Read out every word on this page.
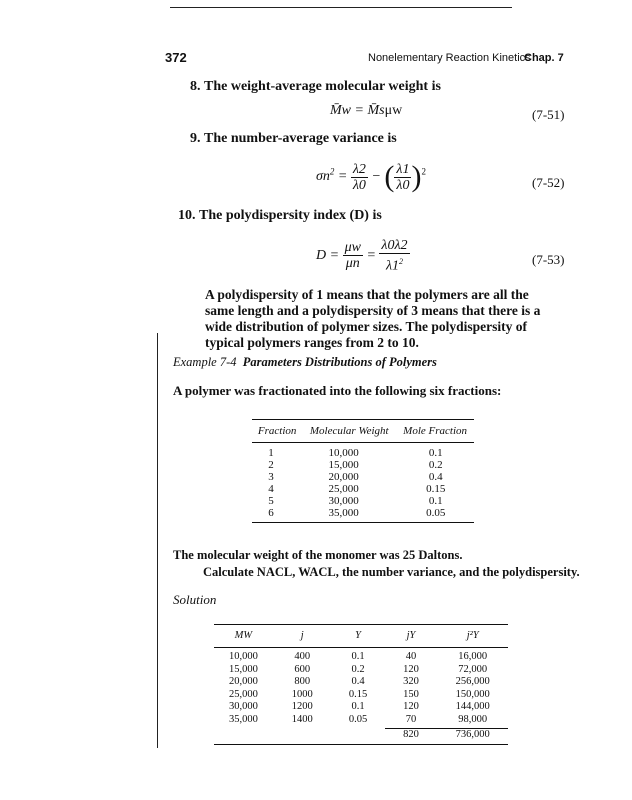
372	Nonelementary Reaction Kinetics
Chap. 7
8. The weight-average molecular weight is
M̄w = M̄sμw	(7-51)
9. The number-average variance is
$\sigma n^2 = \frac{\lambda 2}{\lambda 0}$ − ( $\frac{\lambda 1}{\lambda 0} )^2$
(7-52)
10. The polydispersity index (D) is
$D = \frac{\mu w}{\mu n} = \frac{\lambda 0\lambda 2}{\lambda 1^2}$	(7-53)
A polydispersity of 1 means that the polymers are all the same length and a polydispersity of 3 means that there is a wide distribution of polymer sizes. The polydispersity of typical polymers ranges from 2 to 10.
Example 7-4 Parameters Distributions of Polymers
A polymer was fractionated into the following six fractions:
Fraction	Molecular Weight	Mole Fraction
1	10,000	0.1
2	15,000	0.2
3	20,000	0.4
4	25,000	0.15
5	30,000	0.1
6	35,000	0.05
The molecular weight of the monomer was 25 Daltons.
Calculate NACL, WACL, the number variance, and the polydispersity.
Solution
MW	j	Y	jY	j²Y
10,000	400	0.1	40	16,000
15,000	600	0.2	120	72,000
20,000	800	0.4	320	256,000
25,000	1000	0.15	150	150,000
30,000	1200	0.1	120	144,000
35,000	1400	0.05	70	98,000
			820	736,000
